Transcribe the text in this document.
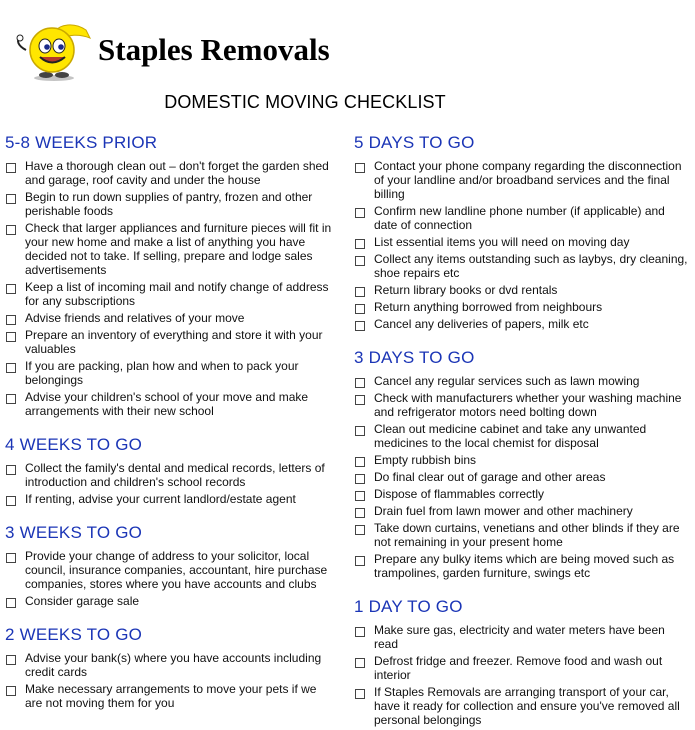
Staples Removals
DOMESTIC MOVING CHECKLIST
5-8 WEEKS PRIOR
Have a thorough clean out – don't forget the garden shed and garage, roof cavity and under the house
Begin to run down supplies of pantry, frozen and other perishable foods
Check that larger appliances and furniture pieces will fit in your new home and make a list of anything you have decided not to take. If selling, prepare and lodge sales advertisements
Keep a list of incoming mail and notify change of address for any subscriptions
Advise friends and relatives of your move
Prepare an inventory of everything and store it with your valuables
If you are packing, plan how and when to pack your belongings
Advise your children's school of your move and make arrangements with their new school
4 WEEKS TO GO
Collect the family's dental and medical records, letters of introduction and children's school records
If renting, advise your current landlord/estate agent
3 WEEKS TO GO
Provide your change of address to your solicitor, local council, insurance companies, accountant, hire purchase companies, stores where you have accounts and clubs
Consider garage sale
2 WEEKS TO GO
Advise your bank(s) where you have accounts including credit cards
Make necessary arrangements to move your pets if we are not moving them for you
5 DAYS TO GO
Contact your phone company regarding the disconnection of your landline and/or broadband services and the final billing
Confirm new landline phone number (if applicable) and date of connection
List essential items you will need on moving day
Collect any items outstanding such as laybys, dry cleaning, shoe repairs etc
Return library books or dvd rentals
Return anything borrowed from neighbours
Cancel any deliveries of papers, milk etc
3 DAYS TO GO
Cancel any regular services such as lawn mowing
Check with manufacturers whether your washing machine and refrigerator motors need bolting down
Clean out medicine cabinet and take any unwanted medicines to the local chemist for disposal
Empty rubbish bins
Do final clear out of garage and other areas
Dispose of flammables correctly
Drain fuel from lawn mower and other machinery
Take down curtains, venetians and other blinds if they are not remaining in your present home
Prepare any bulky items which are being moved such as trampolines, garden furniture, swings etc
1 DAY TO GO
Make sure gas, electricity and water meters have been read
Defrost fridge and freezer. Remove food and wash out interior
If Staples Removals are arranging transport of your car, have it ready for collection and ensure you've removed all personal belongings
